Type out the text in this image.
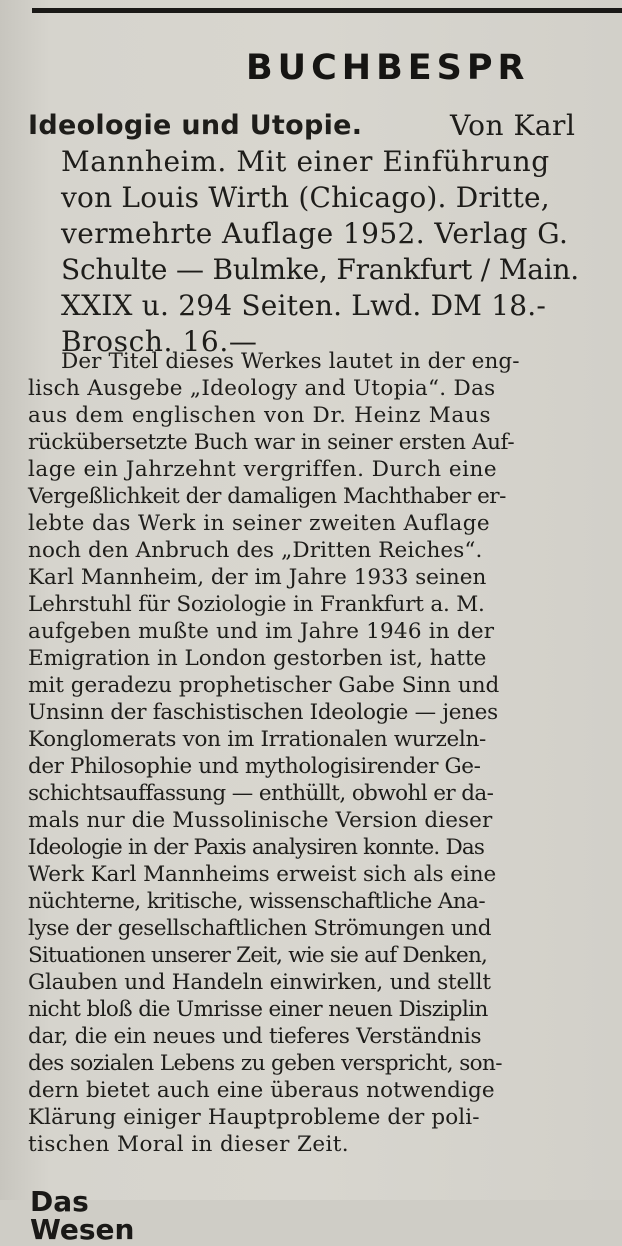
BUCHBESPR
Ideologie und Utopie.	Von Karl
Mannheim. Mit einer Einführung
von Louis Wirth (Chicago). Dritte,
vermehrte Auflage 1952. Verlag G.
Schulte — Bulmke, Frankfurt / Main.
XXIX u. 294 Seiten. Lwd. DM 18.-
Brosch. 16.—
Der Titel dieses Werkes lautet in der eng-
lisch Ausgebe „Ideology and Utopia“. Das
aus dem englischen von Dr. Heinz Maus
rückübersetzte Buch war in seiner ersten Auf-
lage ein Jahrzehnt vergriffen. Durch eine
Vergeßlichkeit der damaligen Machthaber er-
lebte das Werk in seiner zweiten Auflage
noch den Anbruch des „Dritten Reiches“.
Karl Mannheim, der im Jahre 1933 seinen
Lehrstuhl für Soziologie in Frankfurt a. M.
aufgeben mußte und im Jahre 1946 in der
Emigration in London gestorben ist, hatte
mit geradezu prophetischer Gabe Sinn und
Unsinn der faschistischen Ideologie — jenes
Konglomerats von im Irrationalen wurzeln-
der Philosophie und mythologisirender Ge-
schichtsauffassung — enthüllt, obwohl er da-
mals nur die Mussolinische Version dieser
Ideologie in der Paxis analysiren konnte. Das
Werk Karl Mannheims erweist sich als eine
nüchterne, kritische, wissenschaftliche Ana-
lyse der gesellschaftlichen Strömungen und
Situationen unserer Zeit, wie sie auf Denken,
Glauben und Handeln einwirken, und stellt
nicht bloß die Umrisse einer neuen Disziplin
dar, die ein neues und tieferes Verständnis
des sozialen Lebens zu geben verspricht, son-
dern bietet auch eine überaus notwendige
Klärung einiger Hauptprobleme der poli-
tischen Moral in dieser Zeit.
Das Wesen
